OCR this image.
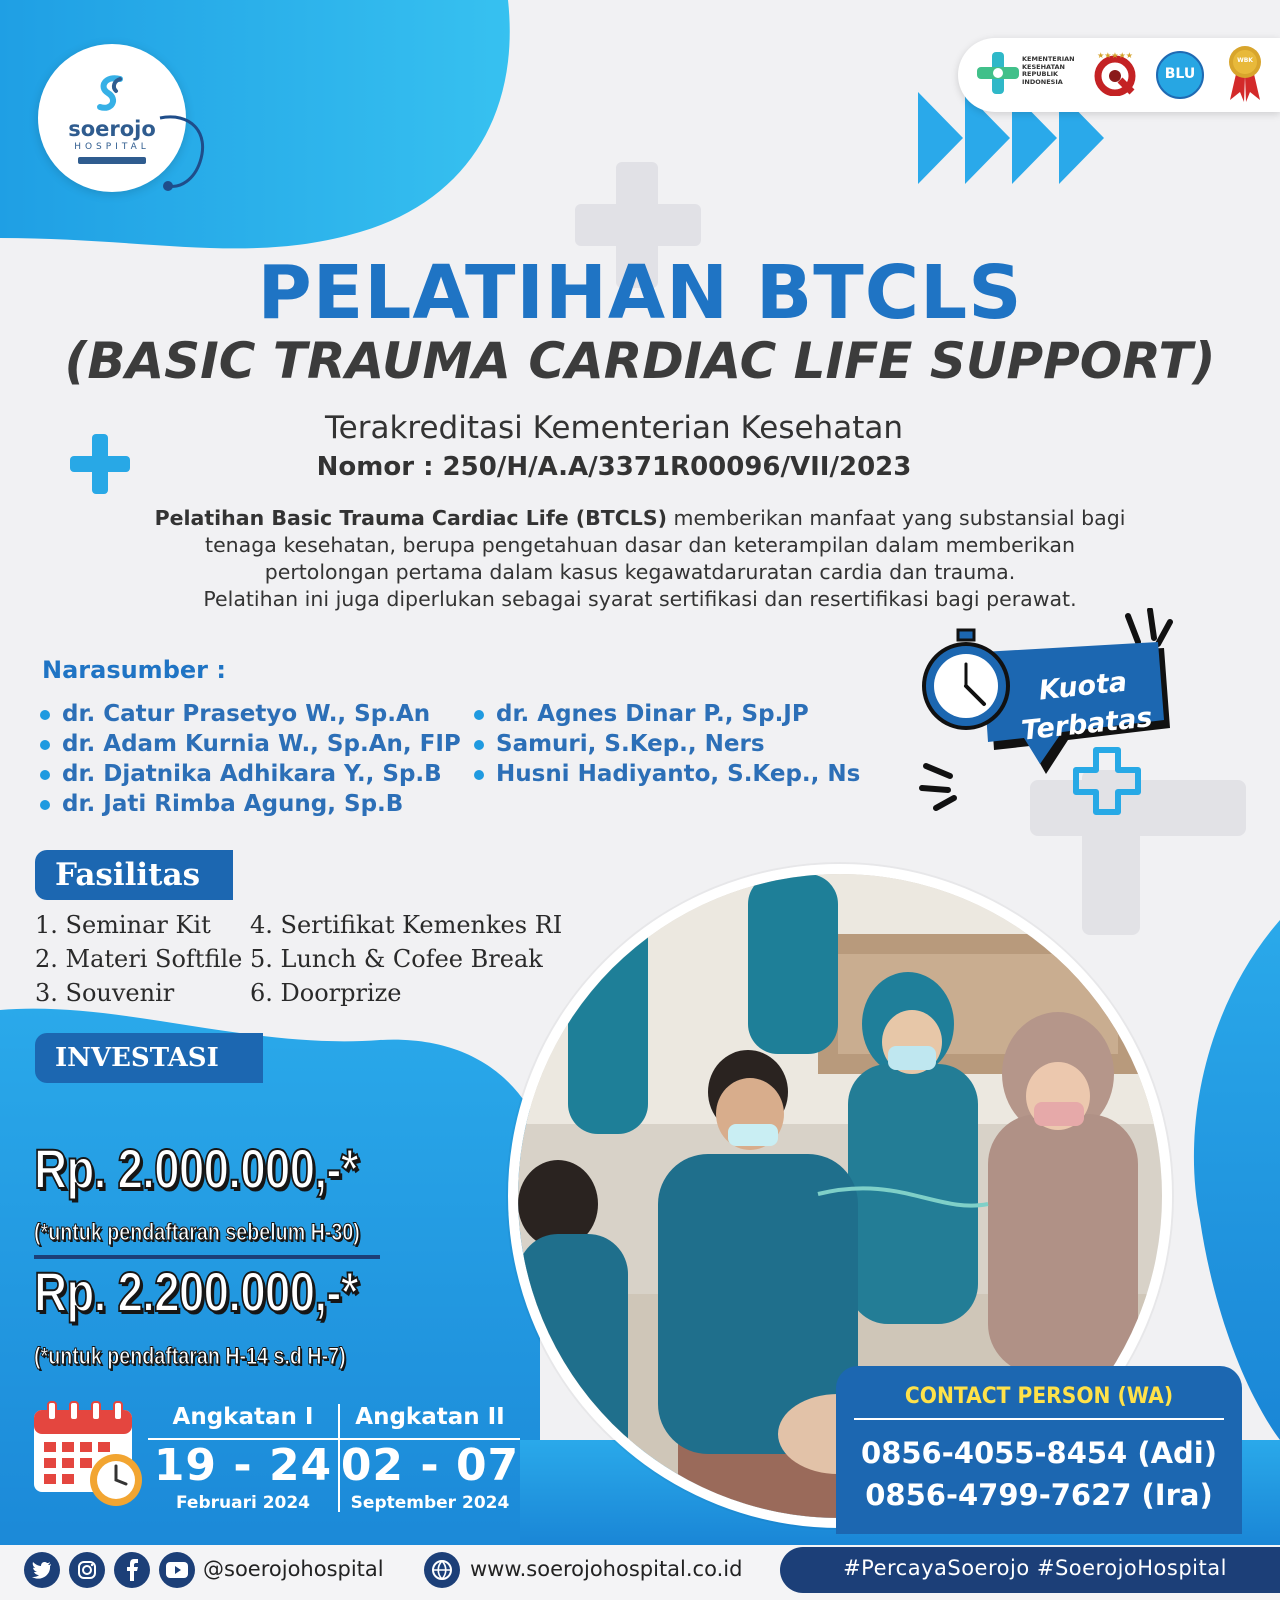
soerojo
HOSPITAL
KEMENTERIAN KESEHATAN REPUBLIK INDONESIA
★★★★★
BLU
WBK
PELATIHAN BTCLS
(BASIC TRAUMA CARDIAC LIFE SUPPORT)
Terakreditasi Kementerian Kesehatan
Nomor : 250/H/A.A/3371R00096/VII/2023
Pelatihan Basic Trauma Cardiac Life (BTCLS) memberikan manfaat yang substansial bagi
tenaga kesehatan, berupa pengetahuan dasar dan keterampilan dalam memberikan
pertolongan pertama dalam kasus kegawatdaruratan cardia dan trauma.
Pelatihan ini juga diperlukan sebagai syarat sertifikasi dan resertifikasi bagi perawat.
Narasumber :
dr. Catur Prasetyo W., Sp.An
dr. Adam Kurnia W., Sp.An, FIP
dr. Djatnika Adhikara Y., Sp.B
dr. Jati Rimba Agung, Sp.B
dr. Agnes Dinar P., Sp.JP
Samuri, S.Kep., Ners
Husni Hadiyanto, S.Kep., Ns
Kuota
Terbatas
Fasilitas
1. Seminar Kit
2. Materi Softfile
3. Souvenir
4. Sertifikat Kemenkes RI
5. Lunch & Cofee Break
6. Doorprize
INVESTASI
Rp. 2.000.000,-*
(*untuk pendaftaran sebelum H-30)
Rp. 2.200.000,-*
(*untuk pendaftaran H-14 s.d H-7)
Angkatan I
19 - 24
Februari 2024
Angkatan II
02 - 07
September 2024
CONTACT PERSON (WA)
0856-4055-8454 (Adi)
0856-4799-7627 (Ira)
@soerojohospital	www.soerojohospital.co.id	#PercayaSoerojo #SoerojoHospital
